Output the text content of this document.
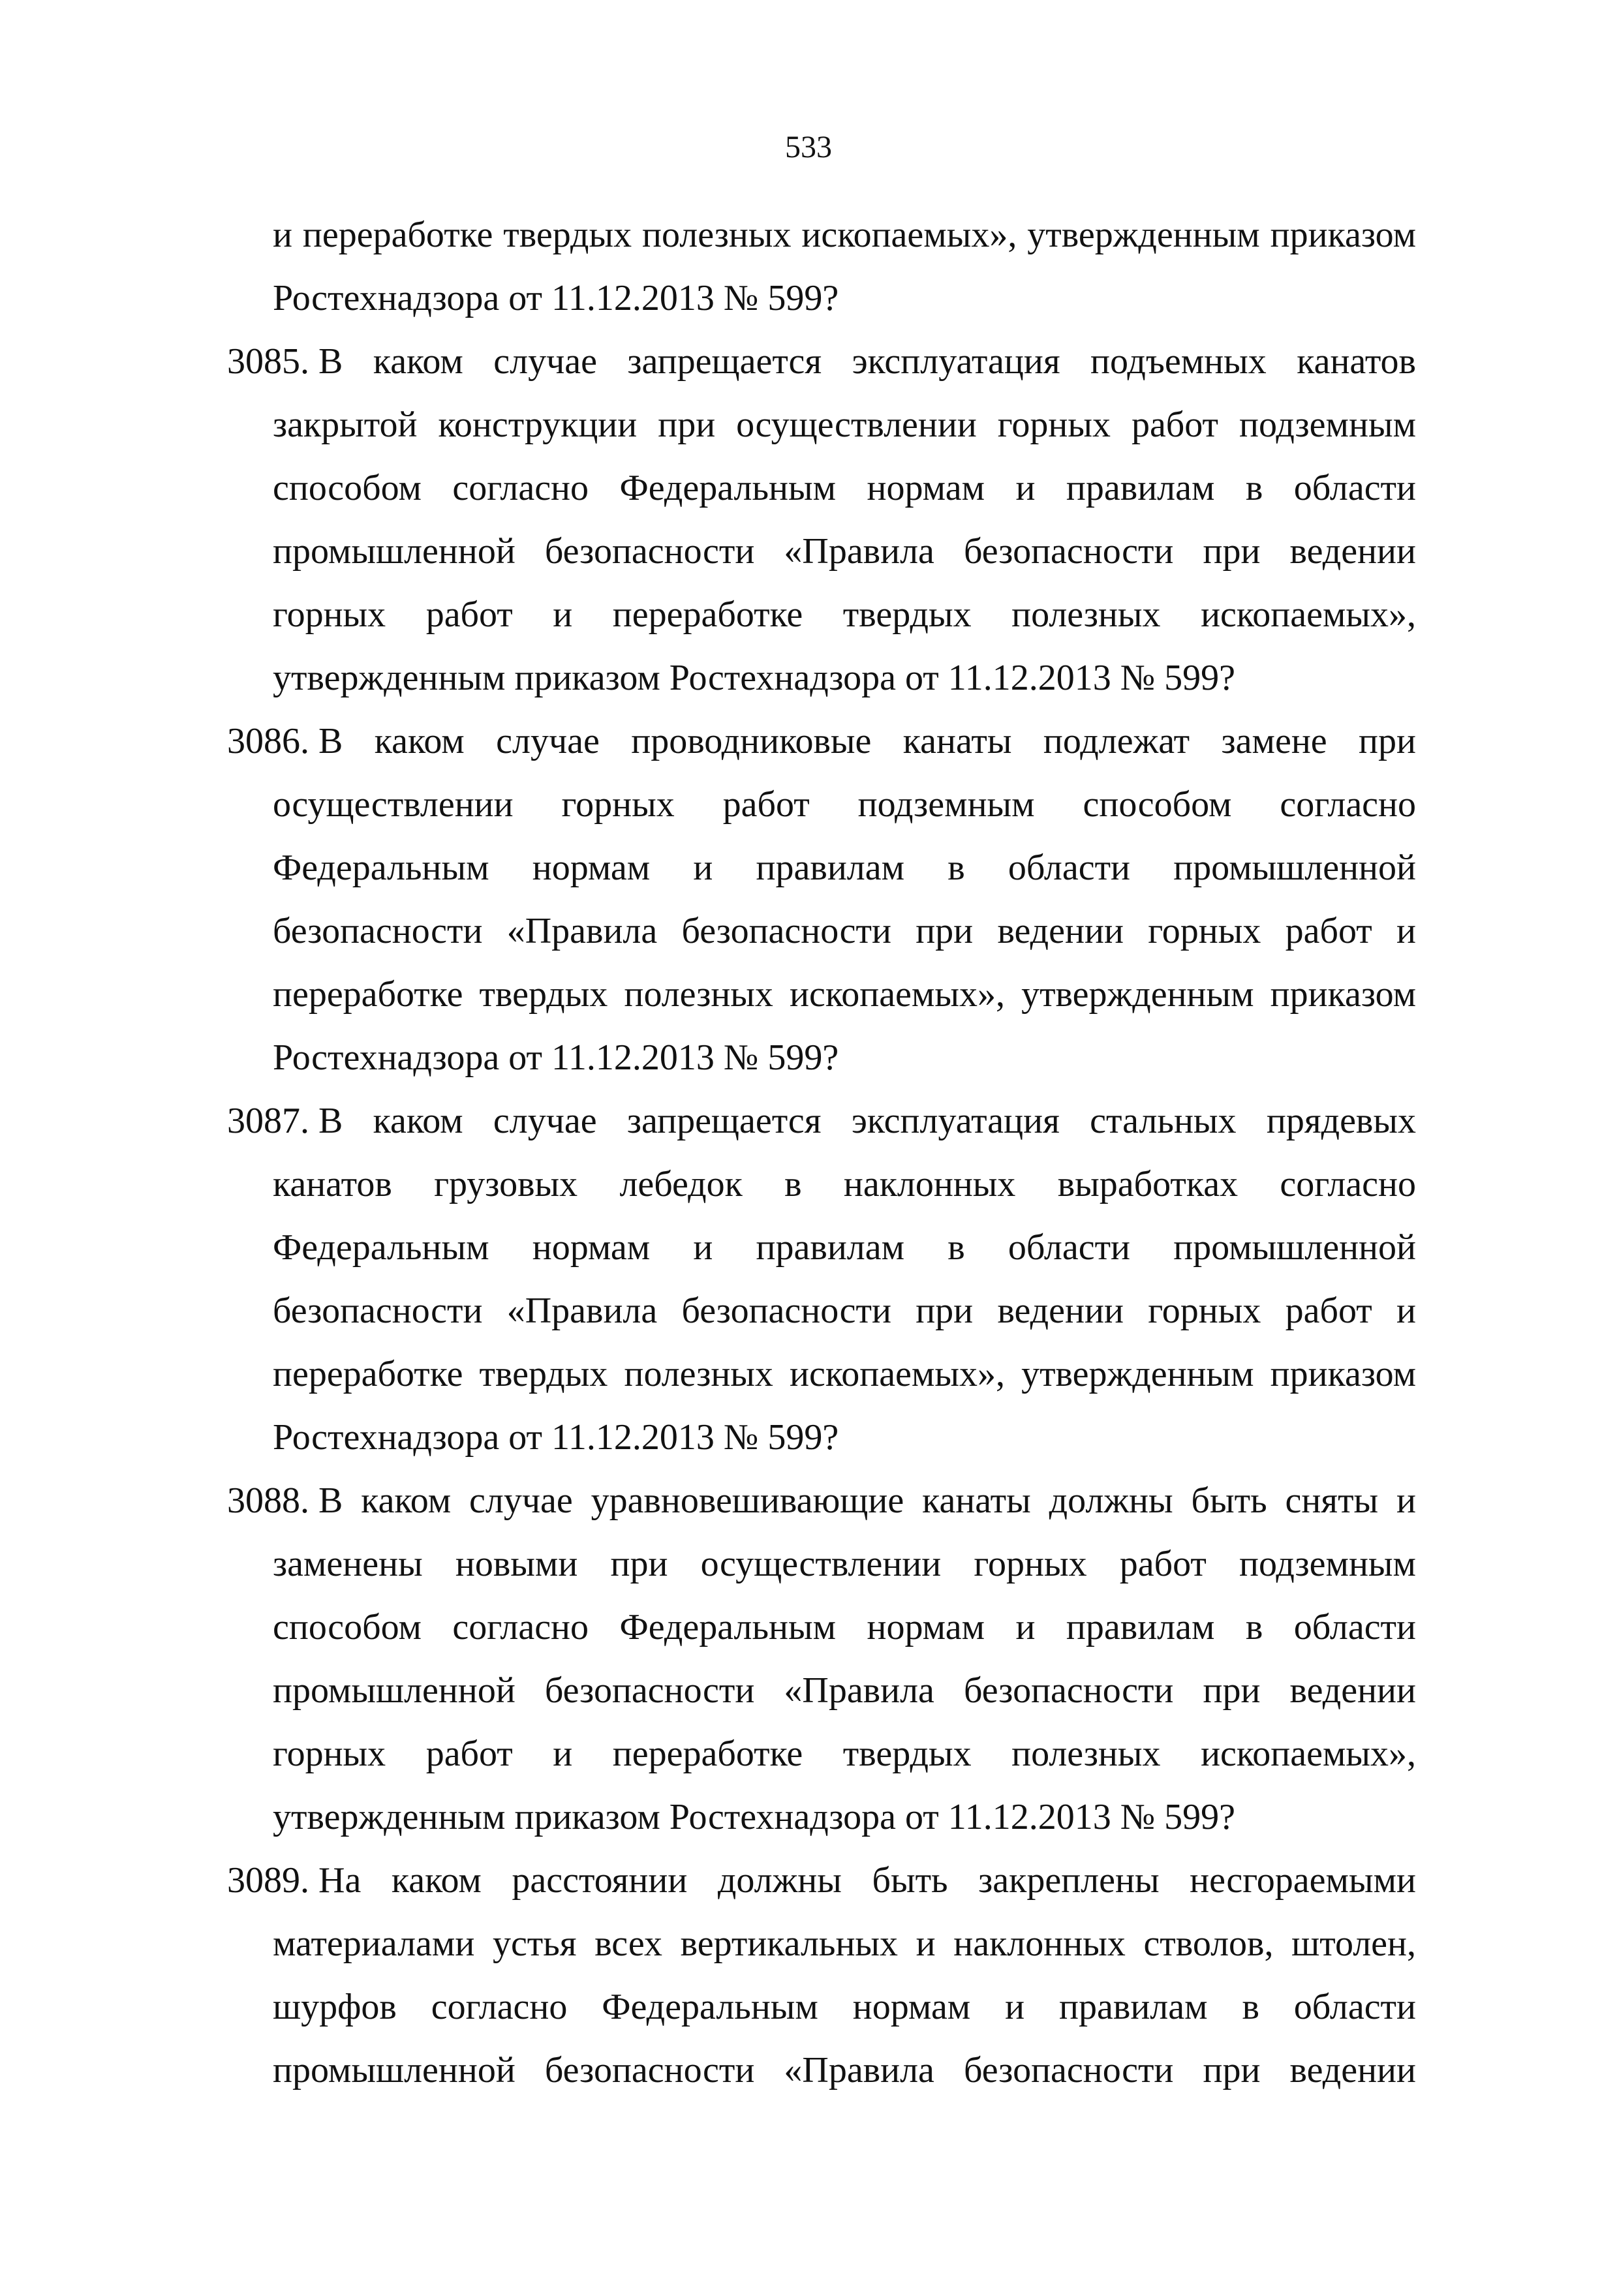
533
и переработке твердых полезных ископаемых», утвержденным приказом Ростехнадзора от 11.12.2013 № 599?
3085. В каком случае запрещается эксплуатация подъемных канатов закрытой конструкции при осуществлении горных работ подземным способом согласно Федеральным нормам и правилам в области промышленной безопасности «Правила безопасности при ведении горных работ и переработке твердых полезных ископаемых», утвержденным приказом Ростехнадзора от 11.12.2013 № 599?
3086. В каком случае проводниковые канаты подлежат замене при осуществлении горных работ подземным способом согласно Федеральным нормам и правилам в области промышленной безопасности «Правила безопасности при ведении горных работ и переработке твердых полезных ископаемых», утвержденным приказом Ростехнадзора от 11.12.2013 № 599?
3087. В каком случае запрещается эксплуатация стальных прядевых канатов грузовых лебедок в наклонных выработках согласно Федеральным нормам и правилам в области промышленной безопасности «Правила безопасности при ведении горных работ и переработке твердых полезных ископаемых», утвержденным приказом Ростехнадзора от 11.12.2013 № 599?
3088. В каком случае уравновешивающие канаты должны быть сняты и заменены новыми при осуществлении горных работ подземным способом согласно Федеральным нормам и правилам в области промышленной безопасности «Правила безопасности при ведении горных работ и переработке твердых полезных ископаемых», утвержденным приказом Ростехнадзора от 11.12.2013 № 599?
3089. На каком расстоянии должны быть закреплены несгораемыми материалами устья всех вертикальных и наклонных стволов, штолен, шурфов согласно Федеральным нормам и правилам в области промышленной безопасности «Правила безопасности при ведении
